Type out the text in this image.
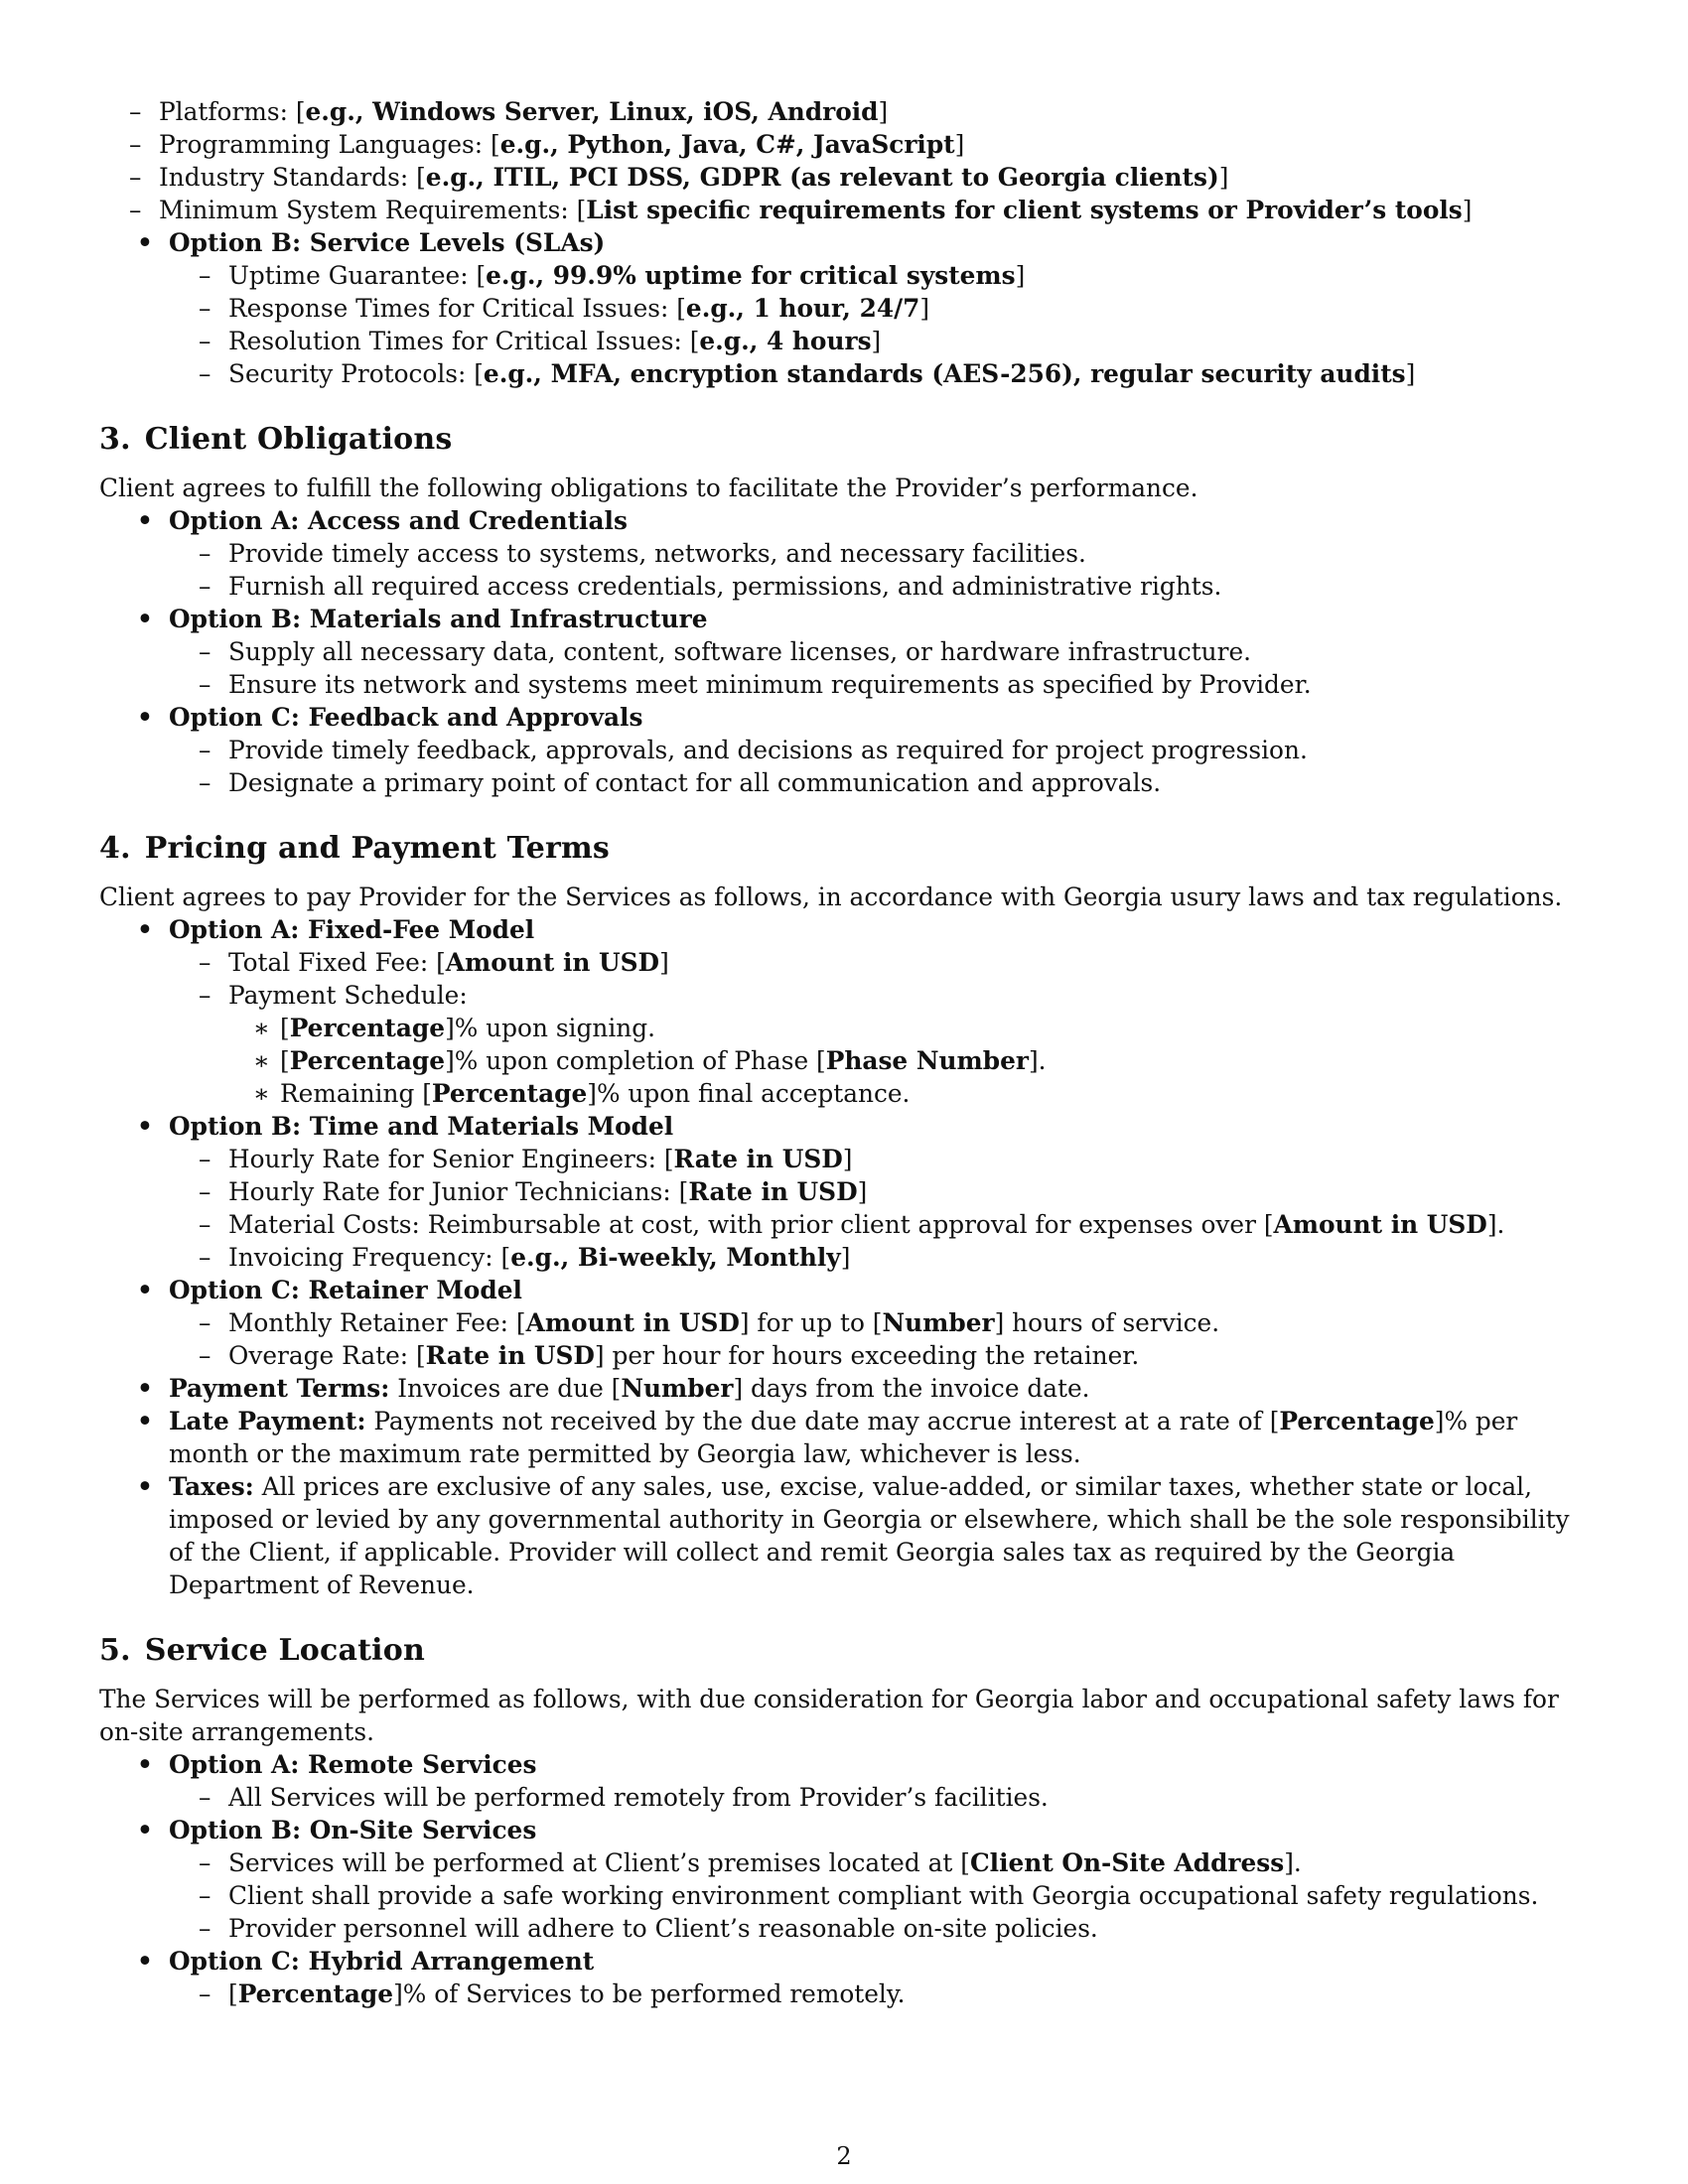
– Platforms: [e.g., Windows Server, Linux, iOS, Android]
– Programming Languages: [e.g., Python, Java, C#, JavaScript]
– Industry Standards: [e.g., ITIL, PCI DSS, GDPR (as relevant to Georgia clients)]
– Minimum System Requirements: [List specific requirements for client systems or Provider’s tools]
• Option B: Service Levels (SLAs)
– Uptime Guarantee: [e.g., 99.9% uptime for critical systems]
– Response Times for Critical Issues: [e.g., 1 hour, 24/7]
– Resolution Times for Critical Issues: [e.g., 4 hours]
– Security Protocols: [e.g., MFA, encryption standards (AES-256), regular security audits]
3. Client Obligations

Client agrees to fulfill the following obligations to facilitate the Provider’s performance.

• Option A: Access and Credentials
– Provide timely access to systems, networks, and necessary facilities.
– Furnish all required access credentials, permissions, and administrative rights.
• Option B: Materials and Infrastructure
– Supply all necessary data, content, software licenses, or hardware infrastructure.
– Ensure its network and systems meet minimum requirements as specified by Provider.
• Option C: Feedback and Approvals
– Provide timely feedback, approvals, and decisions as required for project progression.
– Designate a primary point of contact for all communication and approvals.
4. Pricing and Payment Terms

Client agrees to pay Provider for the Services as follows, in accordance with Georgia usury laws and tax regulations.

• Option A: Fixed-Fee Model
– Total Fixed Fee: [Amount in USD]
– Payment Schedule:
∗ [Percentage]% upon signing.
∗ [Percentage]% upon completion of Phase [Phase Number].
∗ Remaining [Percentage]% upon final acceptance.
• Option B: Time and Materials Model
– Hourly Rate for Senior Engineers: [Rate in USD]
– Hourly Rate for Junior Technicians: [Rate in USD]
– Material Costs: Reimbursable at cost, with prior client approval for expenses over [Amount in USD].
– Invoicing Frequency: [e.g., Bi-weekly, Monthly]
• Option C: Retainer Model
– Monthly Retainer Fee: [Amount in USD] for up to [Number] hours of service.
– Overage Rate: [Rate in USD] per hour for hours exceeding the retainer.
• Payment Terms: Invoices are due [Number] days from the invoice date.
• Late Payment: Payments not received by the due date may accrue interest at a rate of [Percentage]% per month or the maximum rate permitted by Georgia law, whichever is less.
• Taxes: All prices are exclusive of any sales, use, excise, value-added, or similar taxes, whether state or local, imposed or levied by any governmental authority in Georgia or elsewhere, which shall be the sole responsibility of the Client, if applicable. Provider will collect and remit Georgia sales tax as required by the Georgia Department of Revenue.
5. Service Location

The Services will be performed as follows, with due consideration for Georgia labor and occupational safety laws for on-site arrangements.

• Option A: Remote Services
– All Services will be performed remotely from Provider’s facilities.
• Option B: On-Site Services
– Services will be performed at Client’s premises located at [Client On-Site Address].
– Client shall provide a safe working environment compliant with Georgia occupational safety regulations.
– Provider personnel will adhere to Client’s reasonable on-site policies.
• Option C: Hybrid Arrangement
– [Percentage]% of Services to be performed remotely.
2
